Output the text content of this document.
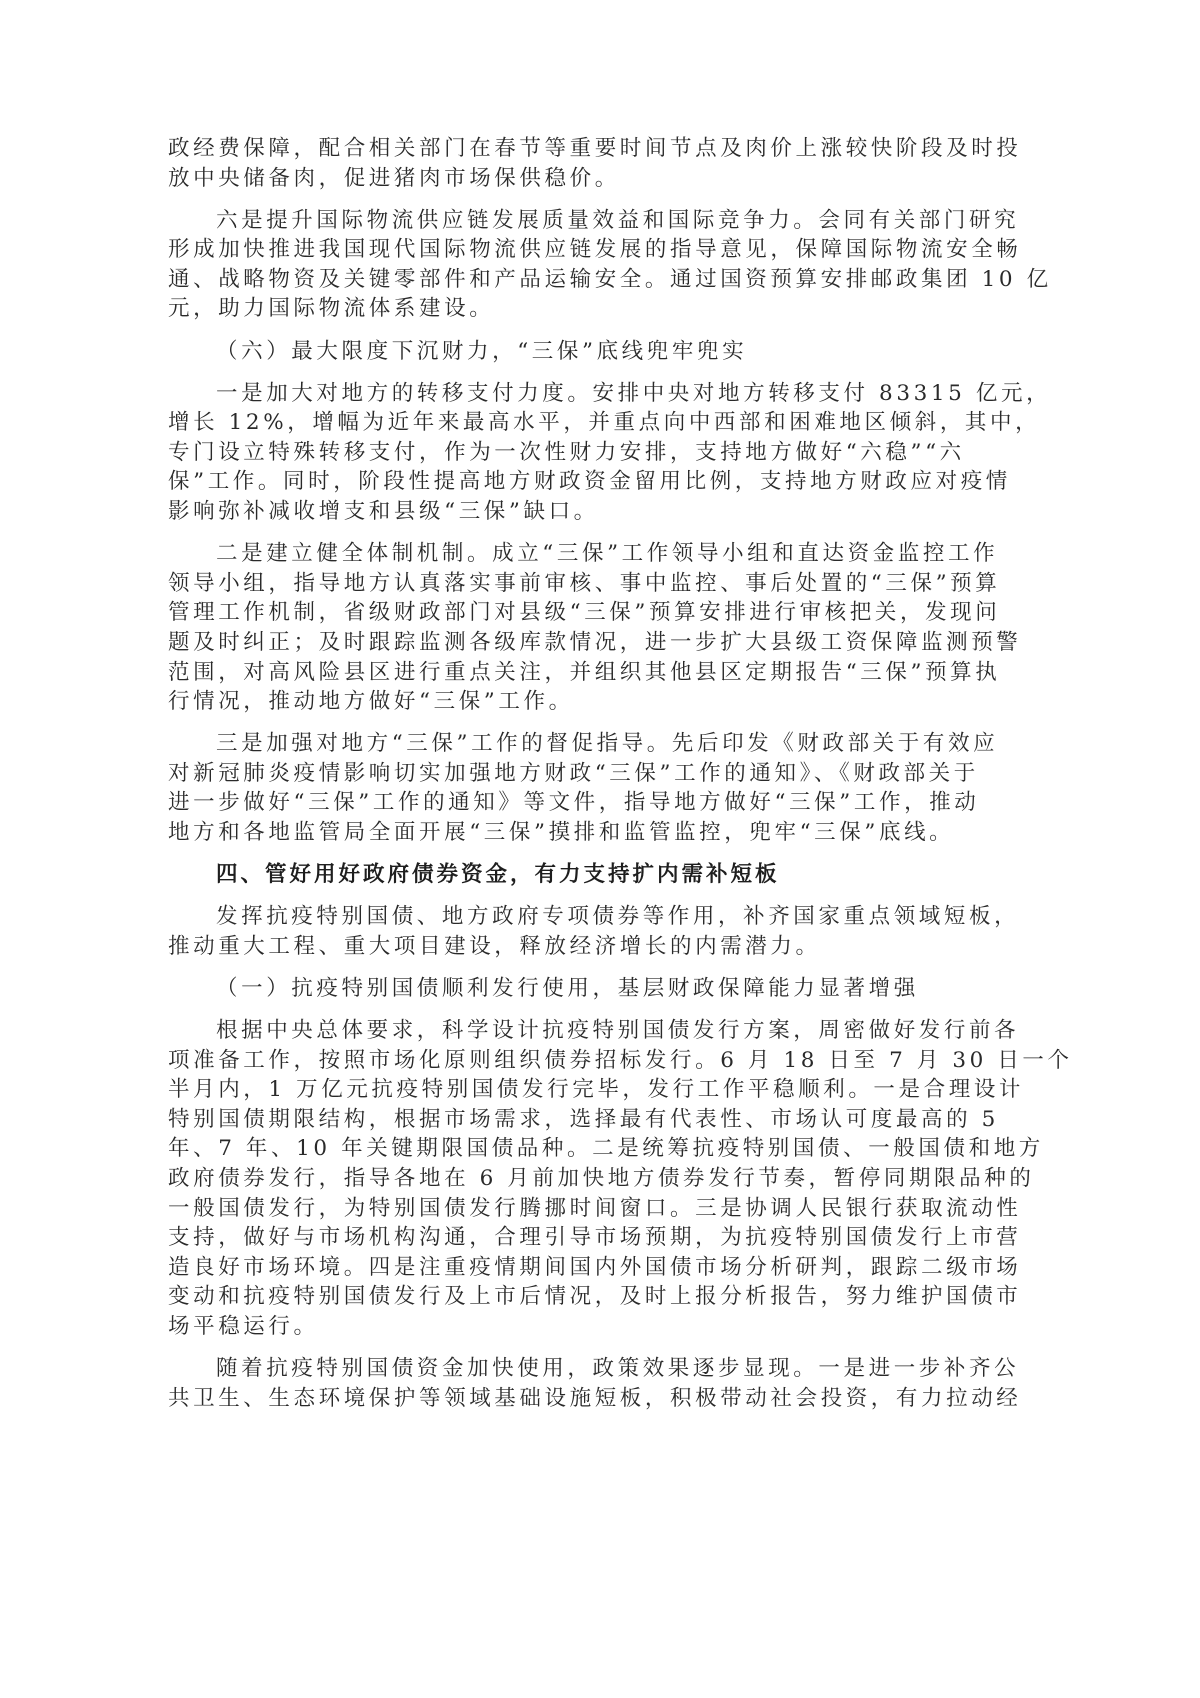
政经费保障，配合相关部门在春节等重要时间节点及肉价上涨较快阶段及时投
放中央储备肉，促进猪肉市场保供稳价。
六是提升国际物流供应链发展质量效益和国际竞争力。会同有关部门研究
形成加快推进我国现代国际物流供应链发展的指导意见，保障国际物流安全畅
通、战略物资及关键零部件和产品运输安全。通过国资预算安排邮政集团 10 亿
元，助力国际物流体系建设。
（六）最大限度下沉财力，“三保”底线兜牢兜实
一是加大对地方的转移支付力度。安排中央对地方转移支付 83315 亿元，
增长 12%，增幅为近年来最高水平，并重点向中西部和困难地区倾斜，其中，
专门设立特殊转移支付，作为一次性财力安排，支持地方做好“六稳”“六
保”工作。同时，阶段性提高地方财政资金留用比例，支持地方财政应对疫情
影响弥补减收增支和县级“三保”缺口。
二是建立健全体制机制。成立“三保”工作领导小组和直达资金监控工作
领导小组，指导地方认真落实事前审核、事中监控、事后处置的“三保”预算
管理工作机制，省级财政部门对县级“三保”预算安排进行审核把关，发现问
题及时纠正；及时跟踪监测各级库款情况，进一步扩大县级工资保障监测预警
范围，对高风险县区进行重点关注，并组织其他县区定期报告“三保”预算执
行情况，推动地方做好“三保”工作。
三是加强对地方“三保”工作的督促指导。先后印发《财政部关于有效应
对新冠肺炎疫情影响切实加强地方财政“三保”工作的通知》、《财政部关于
进一步做好“三保”工作的通知》等文件，指导地方做好“三保”工作，推动
地方和各地监管局全面开展“三保”摸排和监管监控，兜牢“三保”底线。
四、管好用好政府债券资金，有力支持扩内需补短板
发挥抗疫特别国债、地方政府专项债券等作用，补齐国家重点领域短板，
推动重大工程、重大项目建设，释放经济增长的内需潜力。
（一）抗疫特别国债顺利发行使用，基层财政保障能力显著增强
根据中央总体要求，科学设计抗疫特别国债发行方案，周密做好发行前各
项准备工作，按照市场化原则组织债券招标发行。6 月 18 日至 7 月 30 日一个
半月内，1 万亿元抗疫特别国债发行完毕，发行工作平稳顺利。一是合理设计
特别国债期限结构，根据市场需求，选择最有代表性、市场认可度最高的 5
年、7 年、10 年关键期限国债品种。二是统筹抗疫特别国债、一般国债和地方
政府债券发行，指导各地在 6 月前加快地方债券发行节奏，暂停同期限品种的
一般国债发行，为特别国债发行腾挪时间窗口。三是协调人民银行获取流动性
支持，做好与市场机构沟通，合理引导市场预期，为抗疫特别国债发行上市营
造良好市场环境。四是注重疫情期间国内外国债市场分析研判，跟踪二级市场
变动和抗疫特别国债发行及上市后情况，及时上报分析报告，努力维护国债市
场平稳运行。
随着抗疫特别国债资金加快使用，政策效果逐步显现。一是进一步补齐公
共卫生、生态环境保护等领域基础设施短板，积极带动社会投资，有力拉动经
